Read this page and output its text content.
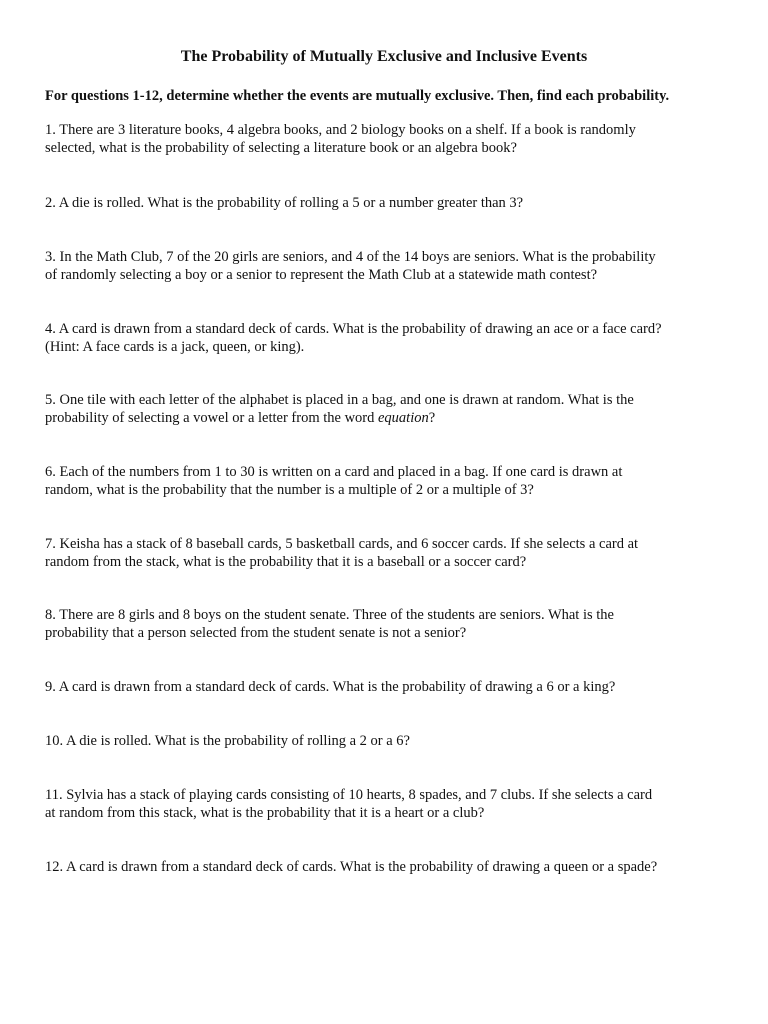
The Probability of Mutually Exclusive and Inclusive Events
For questions 1-12, determine whether the events are mutually exclusive. Then, find each probability.
1. There are 3 literature books, 4 algebra books, and 2 biology books on a shelf. If a book is randomly
selected, what is the probability of selecting a literature book or an algebra book?
2. A die is rolled. What is the probability of rolling a 5 or a number greater than 3?
3. In the Math Club, 7 of the 20 girls are seniors, and 4 of the 14 boys are seniors. What is the probability
of randomly selecting a boy or a senior to represent the Math Club at a statewide math contest?
4. A card is drawn from a standard deck of cards. What is the probability of drawing an ace or a face card?
(Hint: A face cards is a jack, queen, or king).
5. One tile with each letter of the alphabet is placed in a bag, and one is drawn at random. What is the
probability of selecting a vowel or a letter from the word equation?
6. Each of the numbers from 1 to 30 is written on a card and placed in a bag. If one card is drawn at
random, what is the probability that the number is a multiple of 2 or a multiple of 3?
7. Keisha has a stack of 8 baseball cards, 5 basketball cards, and 6 soccer cards. If she selects a card at
random from the stack, what is the probability that it is a baseball or a soccer card?
8. There are 8 girls and 8 boys on the student senate. Three of the students are seniors. What is the
probability that a person selected from the student senate is not a senior?
9. A card is drawn from a standard deck of cards. What is the probability of drawing a 6 or a king?
10. A die is rolled. What is the probability of rolling a 2 or a 6?
11. Sylvia has a stack of playing cards consisting of 10 hearts, 8 spades, and 7 clubs. If she selects a card
at random from this stack, what is the probability that it is a heart or a club?
12. A card is drawn from a standard deck of cards. What is the probability of drawing a queen or a spade?
